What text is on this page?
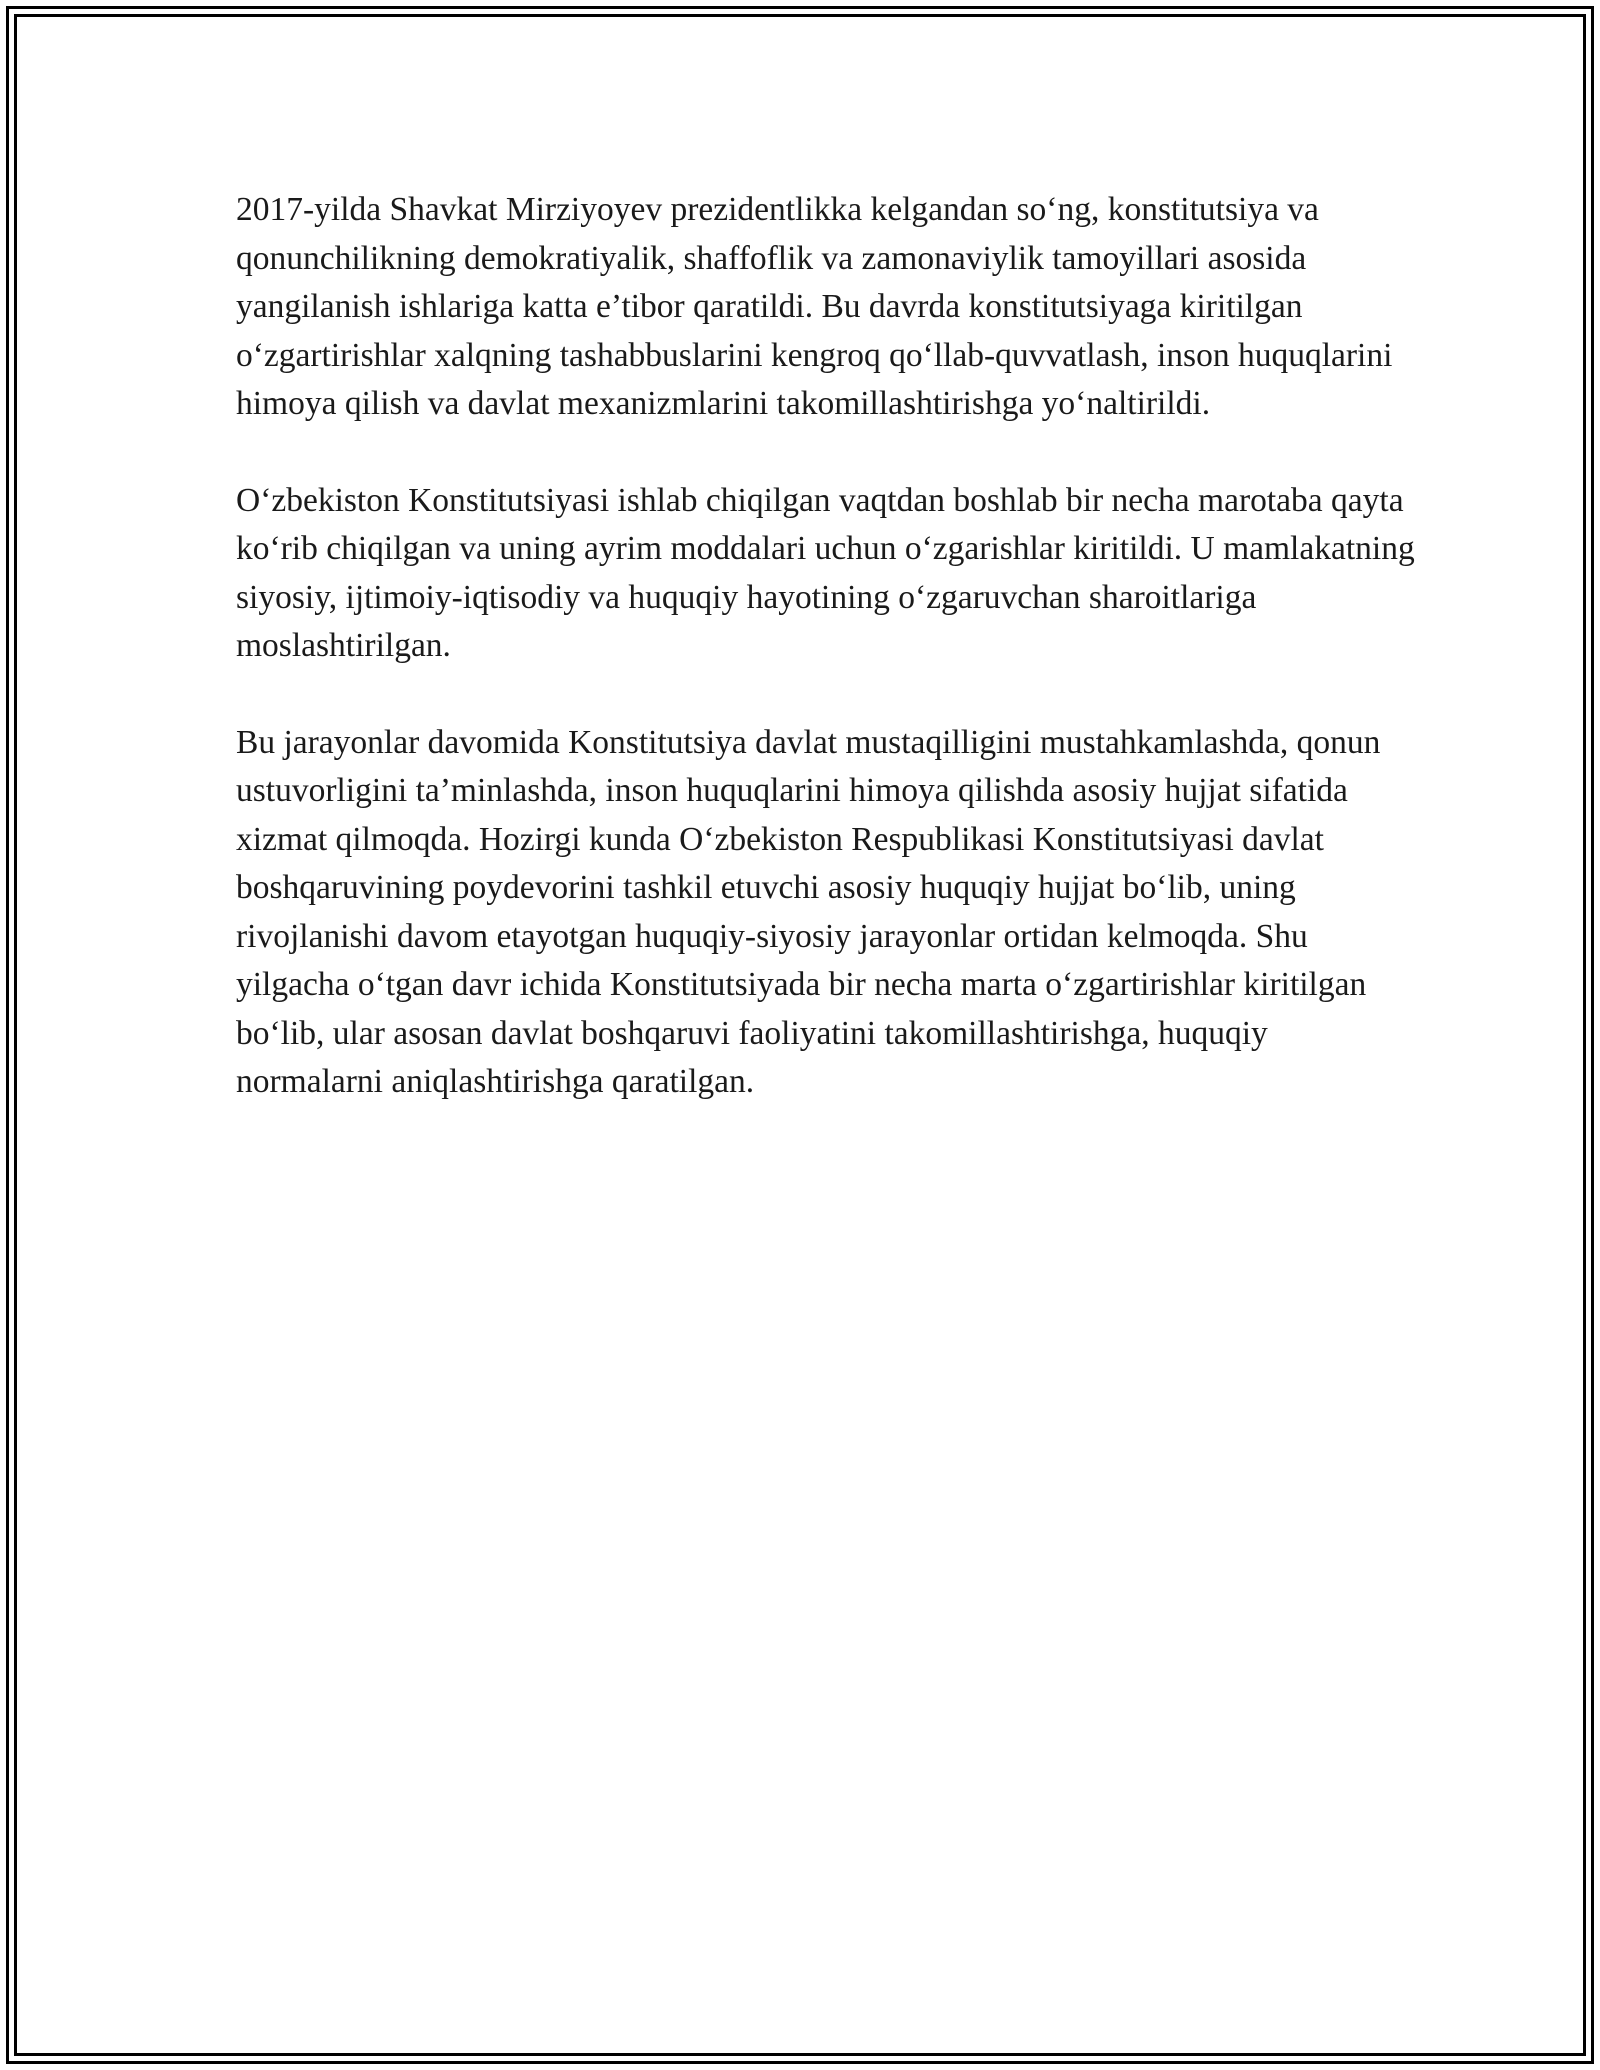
2017-yilda Shavkat Mirziyoyev prezidentlikka kelgandan so‘ng, konstitutsiya va qonunchilikning demokratiyalik, shaffoflik va zamonaviylik tamoyillari asosida yangilanish ishlariga katta e’tibor qaratildi. Bu davrda konstitutsiyaga kiritilgan o‘zgartirishlar xalqning tashabbuslarini kengroq qo‘llab-quvvatlash, inson huquqlarini himoya qilish va davlat mexanizmlarini takomillashtirishga yo‘naltirildi.

O‘zbekiston Konstitutsiyasi ishlab chiqilgan vaqtdan boshlab bir necha marotaba qayta ko‘rib chiqilgan va uning ayrim moddalari uchun o‘zgarishlar kiritildi. U mamlakatning siyosiy, ijtimoiy-iqtisodiy va huquqiy hayotining o‘zgaruvchan sharoitlariga moslashtirilgan.

Bu jarayonlar davomida Konstitutsiya davlat mustaqilligini mustahkamlashda, qonun ustuvorligini ta’minlashda, inson huquqlarini himoya qilishda asosiy hujjat sifatida xizmat qilmoqda. Hozirgi kunda O‘zbekiston Respublikasi Konstitutsiyasi davlat boshqaruvining poydevorini tashkil etuvchi asosiy huquqiy hujjat bo‘lib, uning rivojlanishi davom etayotgan huquqiy-siyosiy jarayonlar ortidan kelmoqda. Shu yilgacha o‘tgan davr ichida Konstitutsiyada bir necha marta o‘zgartirishlar kiritilgan bo‘lib, ular asosan davlat boshqaruvi faoliyatini takomillashtirishga, huquqiy normalarni aniqlashtirishga qaratilgan.
